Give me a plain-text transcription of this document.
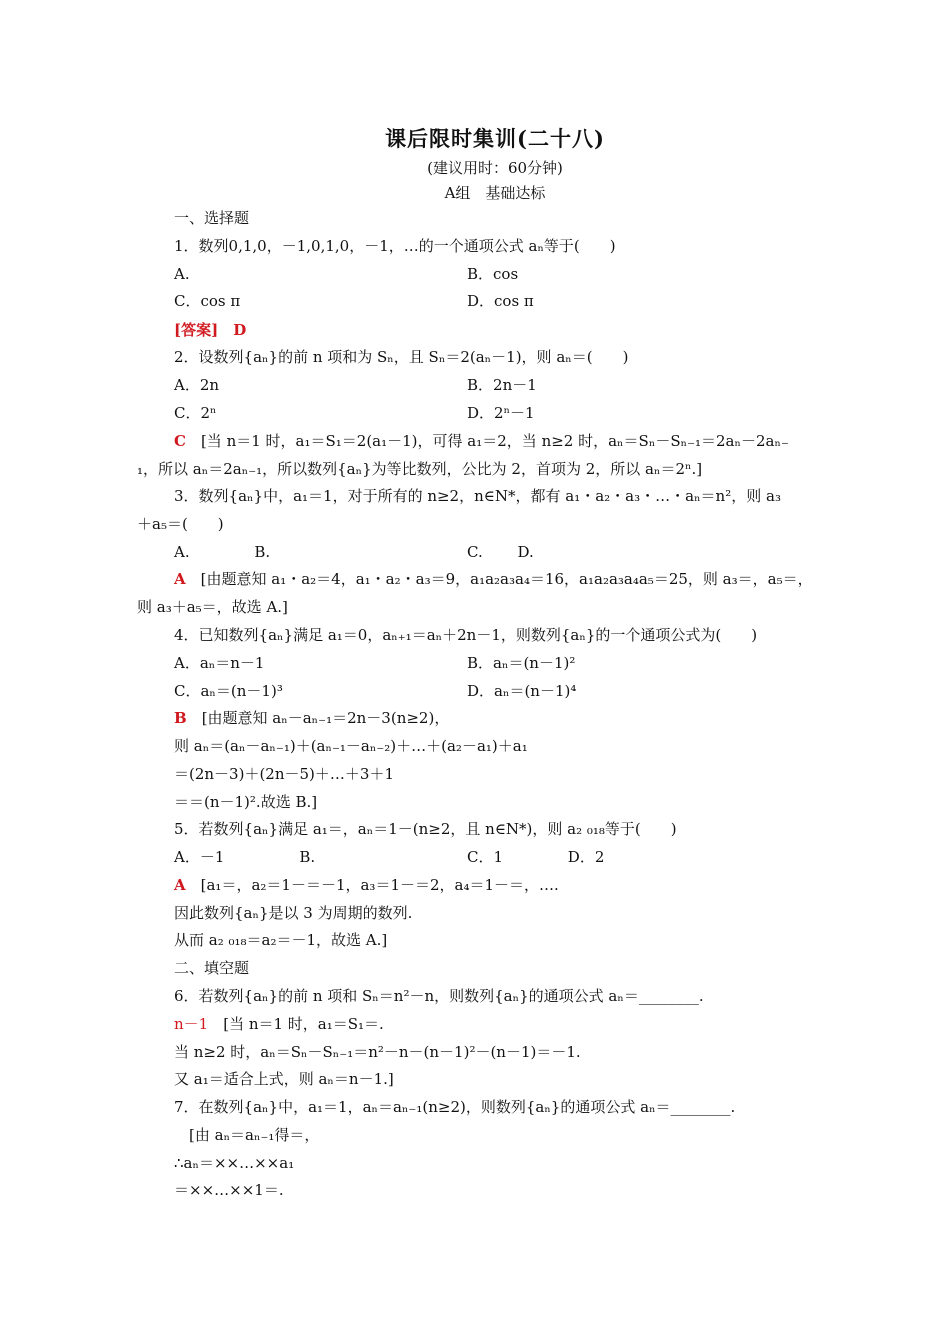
课后限时集训(二十八)
(建议用时：60分钟)
A组　基础达标
一、选择题
二、填空题
1．数列0,1,0，－1,0,1,0，－1，…的一个通项公式 aₙ等于(　　)
A.	B．cos
C．cos π	D．cos π
[答案]　D
2．设数列{aₙ}的前 n 项和为 Sₙ，且 Sₙ＝2(aₙ－1)，则 aₙ＝(　　)
A．2n	B．2n－1
C．2ⁿ	D．2ⁿ－1
C　[当 n＝1 时，a₁＝S₁＝2(a₁－1)，可得 a₁＝2，当 n≥2 时，aₙ＝Sₙ－Sₙ₋₁＝2aₙ－2aₙ₋
₁，所以 aₙ＝2aₙ₋₁，所以数列{aₙ}为等比数列，公比为 2，首项为 2，所以 aₙ＝2ⁿ.]
3．数列{aₙ}中，a₁＝1，对于所有的 n≥2，n∈N*，都有 a₁・a₂・a₃・…・aₙ＝n²，则 a₃
＋a₅＝(　　)
A.　　　　 B.	C.　　 D.
A　[由题意知 a₁・a₂＝4，a₁・a₂・a₃＝9，a₁a₂a₃a₄＝16，a₁a₂a₃a₄a₅＝25，则 a₃＝，a₅＝，
则 a₃＋a₅＝，故选 A.]
4．已知数列{aₙ}满足 a₁＝0，aₙ₊₁＝aₙ＋2n－1，则数列{aₙ}的一个通项公式为(　　)
A．aₙ＝n－1	B．aₙ＝(n－1)²
C．aₙ＝(n－1)³	D．aₙ＝(n－1)⁴
B　[由题意知 aₙ－aₙ₋₁＝2n－3(n≥2)，
则 aₙ＝(aₙ－aₙ₋₁)＋(aₙ₋₁－aₙ₋₂)＋…＋(a₂－a₁)＋a₁
＝(2n－3)＋(2n－5)＋…＋3＋1
＝＝(n－1)².故选 B.]
5．若数列{aₙ}满足 a₁＝，aₙ＝1－(n≥2，且 n∈N*)，则 a₂ ₀₁₈等于(　　)
A．－1　　　　　B.	C．1　　　　 D．2
A　[a₁＝，a₂＝1－＝－1，a₃＝1－＝2，a₄＝1－＝，….
因此数列{aₙ}是以 3 为周期的数列.
从而 a₂ ₀₁₈＝a₂＝－1，故选 A.]
6．若数列{aₙ}的前 n 项和 Sₙ＝n²－n，则数列{aₙ}的通项公式 aₙ＝________.
n－1　[当 n＝1 时，a₁＝S₁＝.
当 n≥2 时，aₙ＝Sₙ－Sₙ₋₁＝n²－n－(n－1)²－(n－1)＝－1.
又 a₁＝适合上式，则 aₙ＝n－1.]
7．在数列{aₙ}中，a₁＝1，aₙ＝aₙ₋₁(n≥2)，则数列{aₙ}的通项公式 aₙ＝________.
　[由 aₙ＝aₙ₋₁得＝，
∴aₙ＝××…××a₁
＝××…××1＝.
